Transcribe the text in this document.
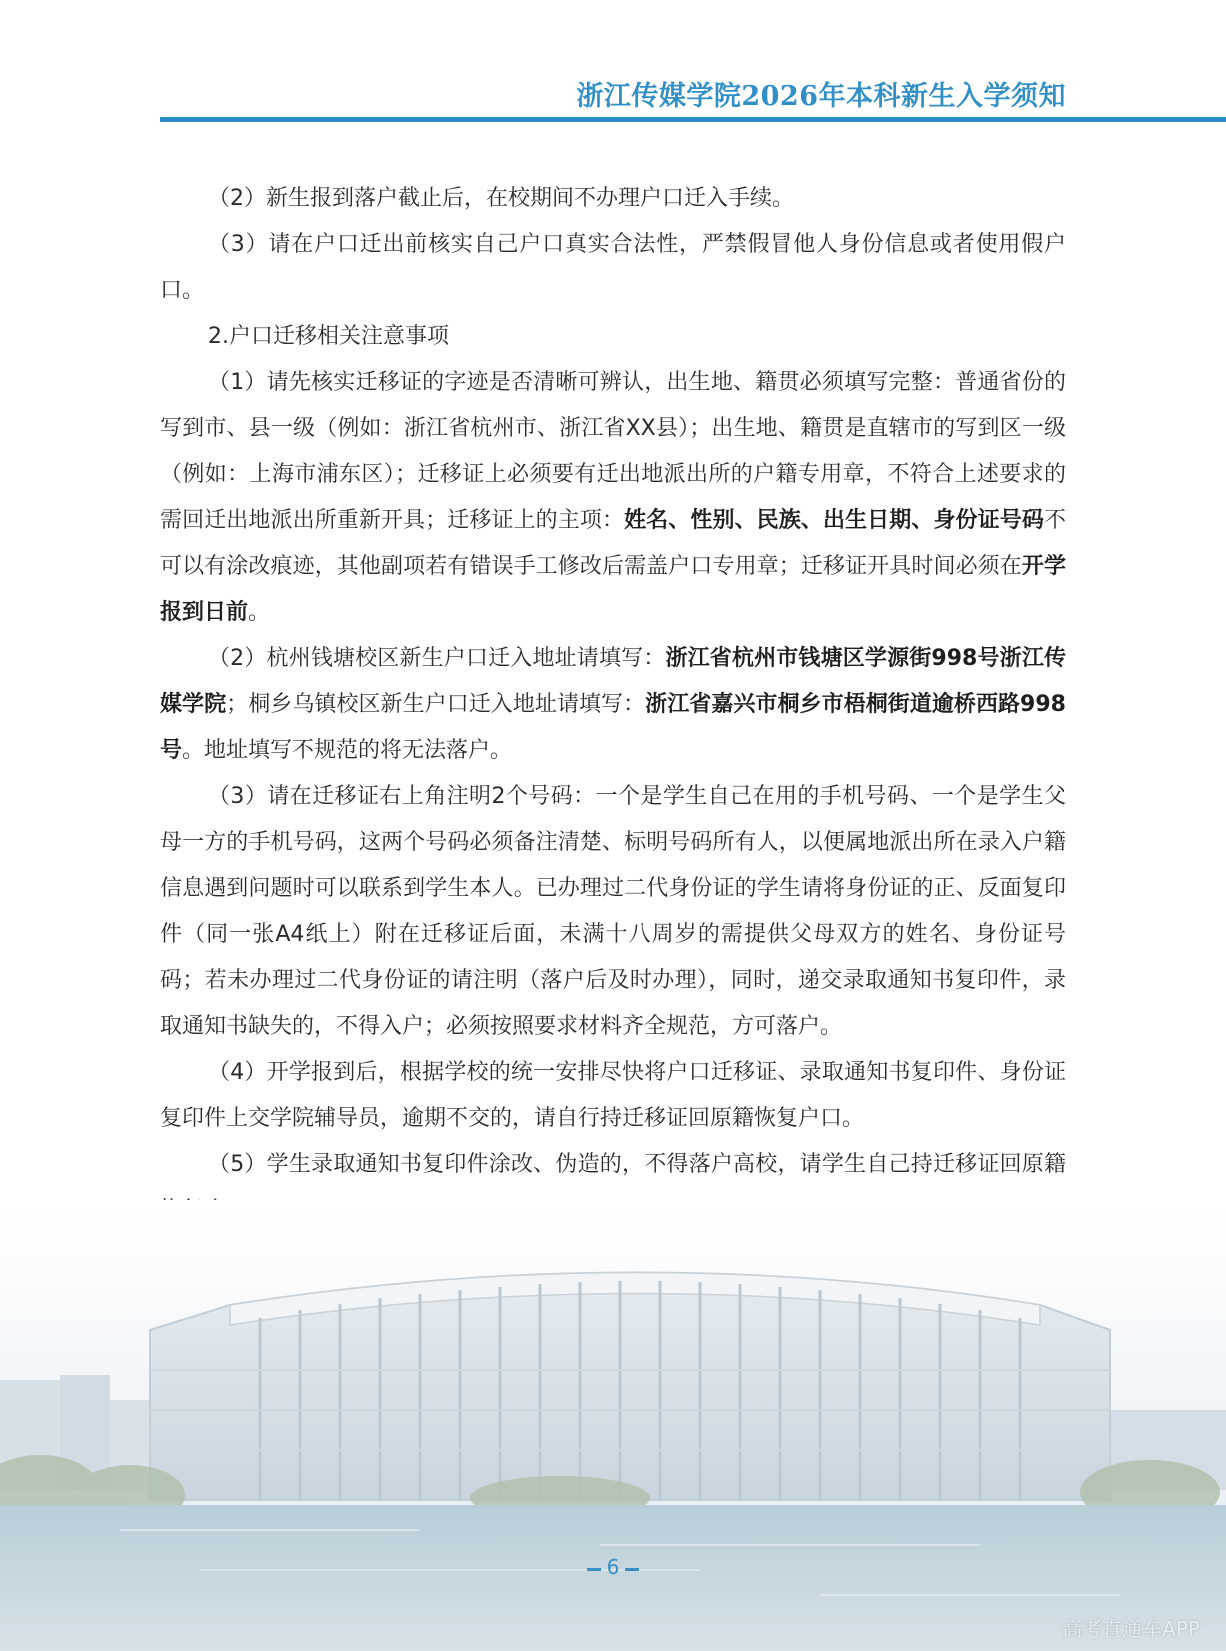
浙江传媒学院2026年本科新生入学须知

（2）新生报到落户截止后，在校期间不办理户口迁入手续。

（3）请在户口迁出前核实自己户口真实合法性，严禁假冒他人身份信息或者使用假户口。

2.户口迁移相关注意事项

（1）请先核实迁移证的字迹是否清晰可辨认，出生地、籍贯必须填写完整：普通省份的写到市、县一级（例如：浙江省杭州市、浙江省XX县）；出生地、籍贯是直辖市的写到区一级（例如：上海市浦东区）；迁移证上必须要有迁出地派出所的户籍专用章，不符合上述要求的需回迁出地派出所重新开具；迁移证上的主项：姓名、性别、民族、出生日期、身份证号码不可以有涂改痕迹，其他副项若有错误手工修改后需盖户口专用章；迁移证开具时间必须在开学报到日前。

（2）杭州钱塘校区新生户口迁入地址请填写：浙江省杭州市钱塘区学源街998号浙江传媒学院；桐乡乌镇校区新生户口迁入地址请填写：浙江省嘉兴市桐乡市梧桐街道逾桥西路998号。地址填写不规范的将无法落户。

（3）请在迁移证右上角注明2个号码：一个是学生自己在用的手机号码、一个是学生父母一方的手机号码，这两个号码必须备注清楚、标明号码所有人，以便属地派出所在录入户籍信息遇到问题时可以联系到学生本人。已办理过二代身份证的学生请将身份证的正、反面复印件（同一张A4纸上）附在迁移证后面，未满十八周岁的需提供父母双方的姓名、身份证号码；若未办理过二代身份证的请注明（落户后及时办理），同时，递交录取通知书复印件，录取通知书缺失的，不得入户；必须按照要求材料齐全规范，方可落户。

（4）开学报到后，根据学校的统一安排尽快将户口迁移证、录取通知书复印件、身份证复印件上交学院辅导员，逾期不交的，请自行持迁移证回原籍恢复户口。

（5）学生录取通知书复印件涂改、伪造的，不得落户高校，请学生自己持迁移证回原籍

6
高考直通车APP
